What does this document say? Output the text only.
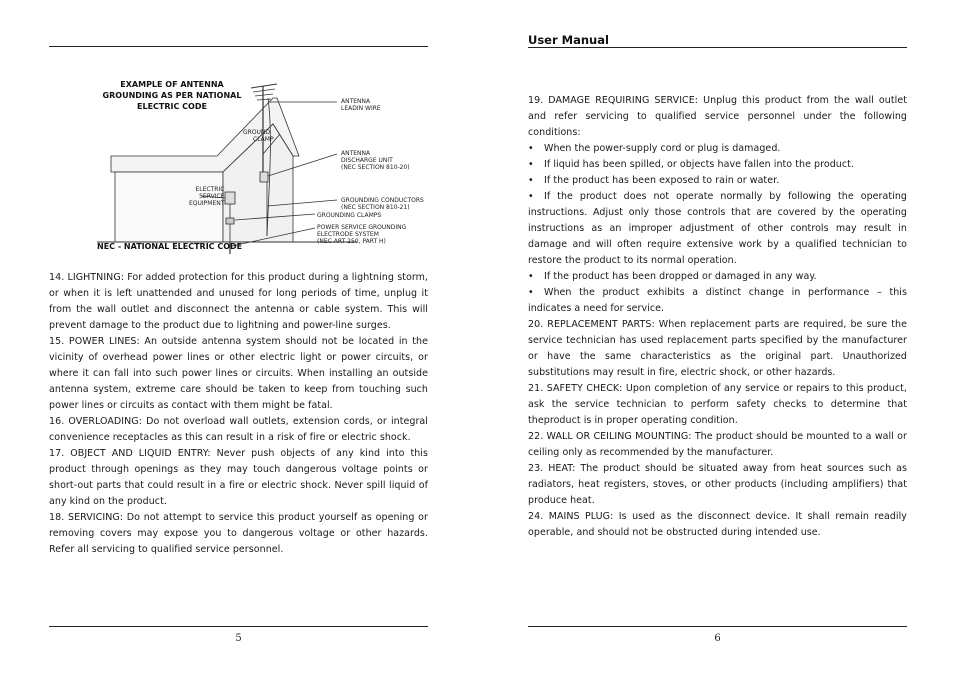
EXAMPLE OF ANTENNA
GROUNDING AS PER NATIONAL
ELECTRIC CODE
ANTENNA
LEADIN WIRE
GROUND
CLAMP
ANTENNA
DISCHARGE UNIT
(NEC SECTION 810-20)
ELECTRIC
SERVICE
EQUIPMENT	GROUNDING CONDUCTORS
(NEC SECTION 810-21)
GROUNDING CLAMPS
POWER SERVICE GROUNDING
ELECTRODE SYSTEM
(NEC ART 250, PART H)
NEC - NATIONAL ELECTRIC CODE

14. LIGHTNING: For added protection for this product during a lightning storm, or when it is left unattended and unused for long periods of time, unplug it from the wall outlet and disconnect the antenna or cable system. This will prevent damage to the product due to lightning and power-line surges.

15. POWER LINES: An outside antenna system should not be located in the vicinity of overhead power lines or other electric light or power circuits, or where it can fall into such power lines or circuits. When installing an outside antenna system, extreme care should be taken to keep from touching such power lines or circuits as contact with them might be fatal.

16. OVERLOADING: Do not overload wall outlets, extension cords, or integral convenience receptacles as this can result in a risk of fire or electric shock.

17. OBJECT AND LIQUID ENTRY: Never push objects of any kind into this product through openings as they may touch dangerous voltage points or short-out parts that could result in a fire or electric shock. Never spill liquid of any kind on the product.

18. SERVICING: Do not attempt to service this product yourself as opening or removing covers may expose you to dangerous voltage or other hazards. Refer all servicing to qualified service personnel.

5
User Manual

19. DAMAGE REQUIRING SERVICE: Unplug this product from the wall outlet and refer servicing to qualified service personnel under the following conditions:

• When the power-supply cord or plug is damaged.

• If liquid has been spilled, or objects have fallen into the product.

• If the product has been exposed to rain or water.

• If the product does not operate normally by following the operating instructions. Adjust only those controls that are covered by the operating instructions as an improper adjustment of other controls may result in damage and will often require extensive work by a qualified technician to restore the product to its normal operation.

• If the product has been dropped or damaged in any way.

• When the product exhibits a distinct change in performance – this indicates a need for service.

20. REPLACEMENT PARTS: When replacement parts are required, be sure the service technician has used replacement parts specified by the manufacturer or have the same characteristics as the original part. Unauthorized substitutions may result in fire, electric shock, or other hazards.

21. SAFETY CHECK: Upon completion of any service or repairs to this product, ask the service technician to perform safety checks to determine that theproduct is in proper operating condition.

22. WALL OR CEILING MOUNTING: The product should be mounted to a wall or ceiling only as recommended by the manufacturer.

23. HEAT: The product should be situated away from heat sources such as radiators, heat registers, stoves, or other products (including amplifiers) that produce heat.

24. MAINS PLUG: Is used as the disconnect device. It shall remain readily operable, and should not be obstructed during intended use.

6
